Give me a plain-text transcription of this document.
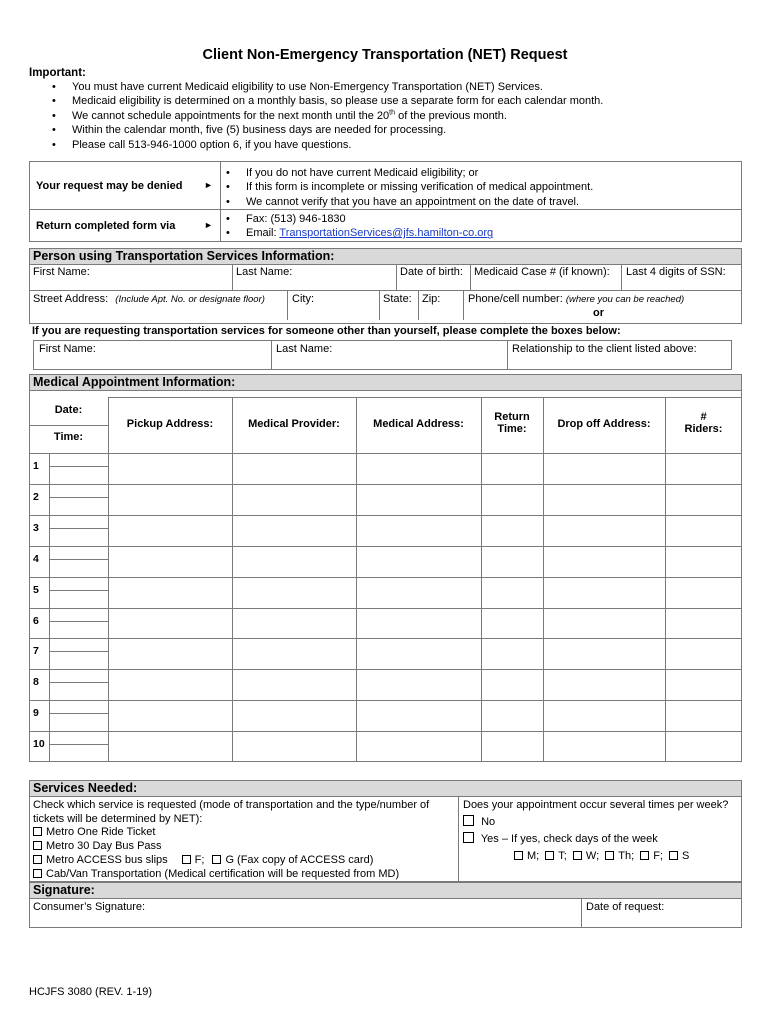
Client Non-Emergency Transportation (NET) Request
Important:
• You must have current Medicaid eligibility to use Non-Emergency Transportation (NET) Services.
• Medicaid eligibility is determined on a monthly basis, so please use a separate form for each calendar month.
• We cannot schedule appointments for the next month until the 20th of the previous month.
• Within the calendar month, five (5) business days are needed for processing.
• Please call 513-946-1000 option 6, if you have questions.
Your request may be denied ►
• If you do not have current Medicaid eligibility; or
• If this form is incomplete or missing verification of medical appointment.
• We cannot verify that you have an appointment on the date of travel.
Return completed form via	►
•	Fax: (513) 946-1830
• Email: TransportationServices@jfs.hamilton-co.org
Person using Transportation Services Information:
First Name:	Last Name:	Date of birth: Medicaid Case # (if known): Last 4 digits of SSN:
Street Address: (Include Apt. No. or designate floor) City:	State: Zip:	Phone/cell number: (where you can be reached)
or
If you are requesting transportation services for someone other than yourself, please complete the boxes below:
First Name:	Last Name:	Relationship to the client listed above:
Medical Appointment Information:
Date:
Time:
Pickup Address:	Medical Provider:	Medical Address:
Return
Time:	Drop off Address:
#
Riders:
1
2
3
4
5
6
7
8
9
10
Services Needed:
Check which service is requested (mode of transportation and the type/number of
tickets will be determined by NET):
Metro One Ride Ticket
Metro 30 Day Bus Pass
Metro ACCESS bus slips F; G (Fax copy of ACCESS card)
Cab/Van Transportation (Medical certification will be requested from MD)
Does your appointment occur several times per week?
No
Yes – If yes, check days of the week
M; T; W; Th; F; S
Signature:
Consumer’s Signature:	Date of request:
HCJFS 3080 (REV. 1-19)
